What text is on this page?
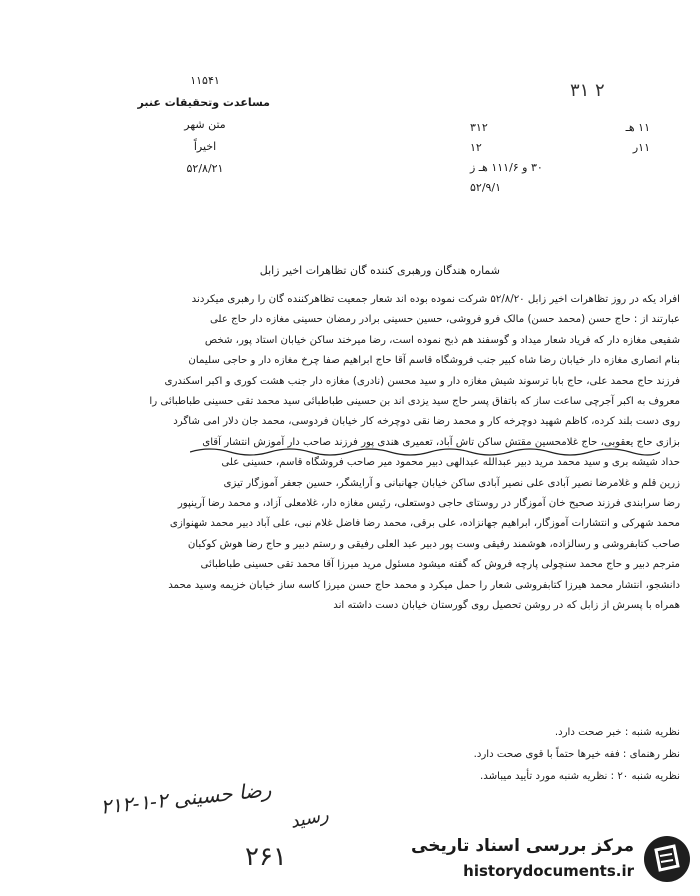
۳۱ ۲
۱۱۵۴۱
مساعدت وتحقیقات عنبر
متن شهر
اخیراً
۵۲/۸/۲۱
۱۱ هـ
۳۱۲
۱۱ر
۱۲
۳۰ و ۱۱۱/۶ هـ ز
۵۲/۹/۱
شماره هندگان ورهبری کننده گان تظاهرات اخیر زابل
افراد یکه در روز تظاهرات اخیر زابل ۵۲/۸/۲۰ شرکت نموده بوده اند شعار جمعیت تظاهرکننده گان را رهبری میکردند
عبارتند از : حاج حسن (محمد حسن) مالک فرو فروشی، حسین حسینی برادر رمضان حسینی مغازه دار حاج علی
شفیعی مغازه دار که فریاد شعار میداد و گوسفند هم ذبح نموده است، رضا میرخند ساکن خیابان استاد پور، شخص
بنام انصاری مغازه دار خیابان رضا شاه کبیر جنب فروشگاه قاسم آقا حاج ابراهیم صفا چرخ مغازه دار و حاجی سلیمان
فرزند حاج محمد علی، حاج بابا ترسوند شیش مغازه دار و سید محسن (نادری) مغازه دار جنب هشت کوری و اکبر اسکندری
معروف به اکبر آجرچی ساعت ساز که باتفاق پسر حاج سید یزدی اند بن حسینی طباطبائی سید محمد تقی حسینی طباطبائی را
روی دست بلند کرده، کاظم شهید دوچرخه کار و محمد رضا نقی دوچرخه کار خیابان فردوسی، محمد جان دلار امی شاگرد
بزازی حاج یعقوبی، حاج غلامحسین مقتش ساکن تاش آباد، تعمیری هندی پور فرزند صاحب دار آموزش انتشار آقای
حداد شیشه بری و سید محمد مرید دبیر عبدالله عبدالهی دبیر محمود میر صاحب فروشگاه قاسم، حسینی علی
زرین قلم و غلامرضا نصیر آبادی علی نصیر آبادی ساکن خیابان جهانبانی و آرایشگر، حسین جعفر آموزگار تیزی
رضا سرابندی فرزند صحیح خان آموزگار در روستای حاجی دوستعلی، رئیس مغازه دار، غلامعلی آزاد، و محمد رضا آرینپور
محمد شهرکی و انتشارات آموزگار، ابراهیم جهانزاده، علی برقی، محمد رضا فاضل غلام نبی، علی آباد دبیر محمد شهنوازی
صاحب کتابفروشی و رسالزاده، هوشمند رفیقی وست پور دبیر عبد العلی رفیقی و رستم دبیر و حاج رضا هوش کوکبان
مترجم دبیر و حاج محمد سنچولی پارچه فروش که گفته میشود مسئول مرید میرزا آقا محمد تقی حسینی طباطبائی
دانشجو، انتشار محمد هیرزا کتابفروشی شعار را حمل میکرد و محمد حاج حسن میرزا کاسه ساز خیابان خزیمه وسید محمد
همراه با پسرش از زابل که در روشن تحصیل روی گورستان خیابان دست داشته اند
نظریه شنبه : خبر صحت دارد.
نظر رهنمای : ففه خیرها حتماً با قوی صحت دارد.
نظریه شنبه ۲۰ : نظریه شنبه مورد تأیید میباشد.
۲۱۲-۱-۲ رضا حسینی
رسید
۲۶۱	مرکز بررسی اسناد تاریخی
historydocuments.ir
